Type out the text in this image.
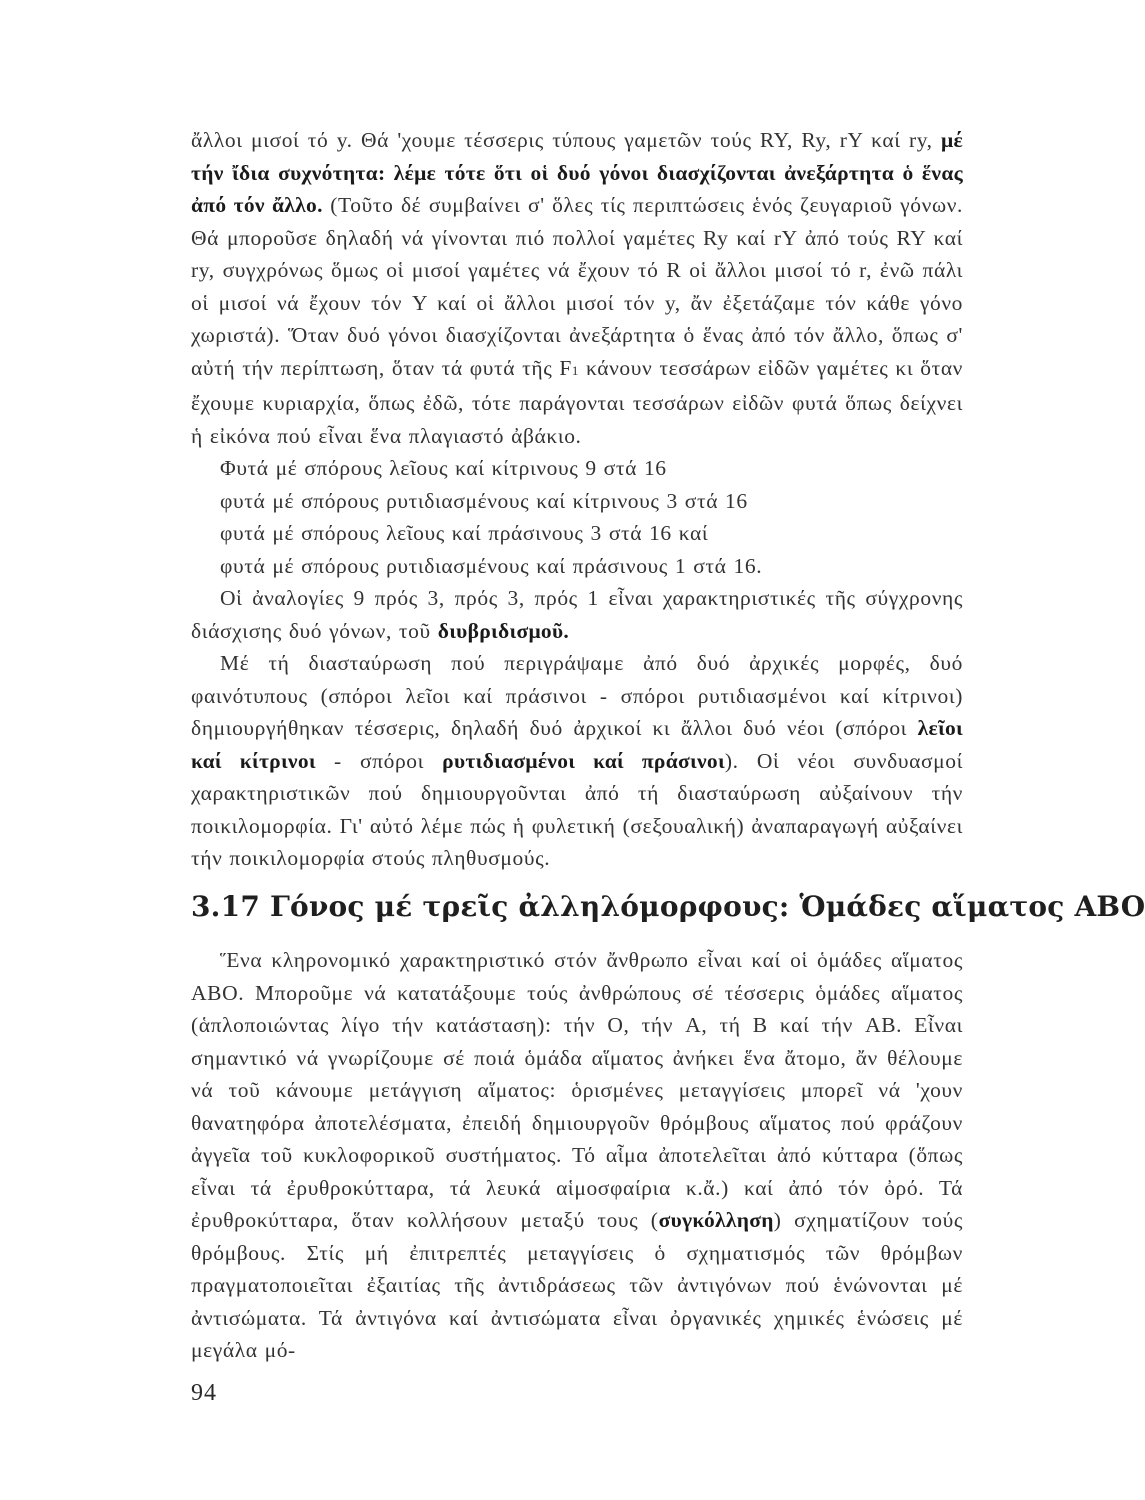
ἄλλοι μισοί τό y. Θά 'χουμε τέσσερις τύπους γαμετῶν τούς RY, Ry, rY καί ry, μέ τήν ἴδια συχνότητα: λέμε τότε ὅτι οἱ δυό γόνοι διασχίζονται ἀνεξάρτητα ὁ ἕνας ἀπό τόν ἄλλο. (Τοῦτο δέ συμβαίνει σ' ὅλες τίς περιπτώσεις ἑνός ζευγαριοῦ γόνων. Θά μποροῦσε δηλαδή νά γίνονται πιό πολλοί γαμέτες Ry καί rY ἀπό τούς RY καί ry, συγχρόνως ὅμως οἱ μισοί γαμέτες νά ἔχουν τό R οἱ ἄλλοι μισοί τό r, ἐνῶ πάλι οἱ μισοί νά ἔχουν τόν Y καί οἱ ἄλλοι μισοί τόν y, ἄν ἐξετάζαμε τόν κάθε γόνο χωριστά). Ὅταν δυό γόνοι διασχίζονται ἀνεξάρτητα ὁ ἕνας ἀπό τόν ἄλλο, ὅπως σ' αὐτή τήν περίπτωση, ὅταν τά φυτά τῆς F1 κάνουν τεσσάρων εἰδῶν γαμέτες κι ὅταν ἔχουμε κυριαρχία, ὅπως ἐδῶ, τότε παράγονται τεσσάρων εἰδῶν φυτά ὅπως δείχνει ἡ εἰκόνα πού εἶναι ἕνα πλαγιαστό ἀβάκιο.

Φυτά μέ σπόρους λεῖους καί κίτρινους 9 στά 16

φυτά μέ σπόρους ρυτιδιασμένους καί κίτρινους 3 στά 16

φυτά μέ σπόρους λεῖους καί πράσινους 3 στά 16 καί

φυτά μέ σπόρους ρυτιδιασμένους καί πράσινους 1 στά 16.

Οἱ ἀναλογίες 9 πρός 3, πρός 3, πρός 1 εἶναι χαρακτηριστικές τῆς σύγχρονης διάσχισης δυό γόνων, τοῦ διυβριδισμοῦ.

Μέ τή διασταύρωση πού περιγράψαμε ἀπό δυό ἀρχικές μορφές, δυό φαινότυπους (σπόροι λεῖοι καί πράσινοι - σπόροι ρυτιδιασμένοι καί κίτρινοι) δημιουργήθηκαν τέσσερις, δηλαδή δυό ἀρχικοί κι ἄλλοι δυό νέοι (σπόροι λεῖοι καί κίτρινοι - σπόροι ρυτιδιασμένοι καί πράσινοι). Οἱ νέοι συνδυασμοί χαρακτηριστικῶν πού δημιουργοῦνται ἀπό τή διασταύρωση αὐξαίνουν τήν ποικιλομορφία. Γι' αὐτό λέμε πώς ἡ φυλετική (σεξουαλική) ἀναπαραγωγή αὐξαίνει τήν ποικιλομορφία στούς πληθυσμούς.

3.17 Γόνος μέ τρεῖς ἀλληλόμορφους: Ὁμάδες αἵματος ABO

Ἕνα κληρονομικό χαρακτηριστικό στόν ἄνθρωπο εἶναι καί οἱ ὁμάδες αἵματος ABO. Μποροῦμε νά κατατάξουμε τούς ἀνθρώπους σέ τέσσερις ὁμάδες αἵματος (ἁπλοποιώντας λίγο τήν κατάσταση): τήν O, τήν A, τή B καί τήν AB. Εἶναι σημαντικό νά γνωρίζουμε σέ ποιά ὁμάδα αἵματος ἀνήκει ἕνα ἄτομο, ἄν θέλουμε νά τοῦ κάνουμε μετάγγιση αἵματος: ὁρισμένες μεταγγίσεις μπορεῖ νά 'χουν θανατηφόρα ἀποτελέσματα, ἐπειδή δημιουργοῦν θρόμβους αἵματος πού φράζουν ἀγγεῖα τοῦ κυκλοφορικοῦ συστήματος. Τό αἷμα ἀποτελεῖται ἀπό κύτταρα (ὅπως εἶναι τά ἐρυθροκύτταρα, τά λευκά αἱμοσφαίρια κ.ἄ.) καί ἀπό τόν ὀρό. Τά ἐρυθροκύτταρα, ὅταν κολλήσουν μεταξύ τους (συγκόλληση) σχηματίζουν τούς θρόμβους. Στίς μή ἐπιτρεπτές μεταγγίσεις ὁ σχηματισμός τῶν θρόμβων πραγματοποιεῖται ἐξαιτίας τῆς ἀντιδράσεως τῶν ἀντιγόνων πού ἑνώνονται μέ ἀντισώματα. Τά ἀντιγόνα καί ἀντισώματα εἶναι ὀργανικές χημικές ἑνώσεις μέ μεγάλα μό-

94
